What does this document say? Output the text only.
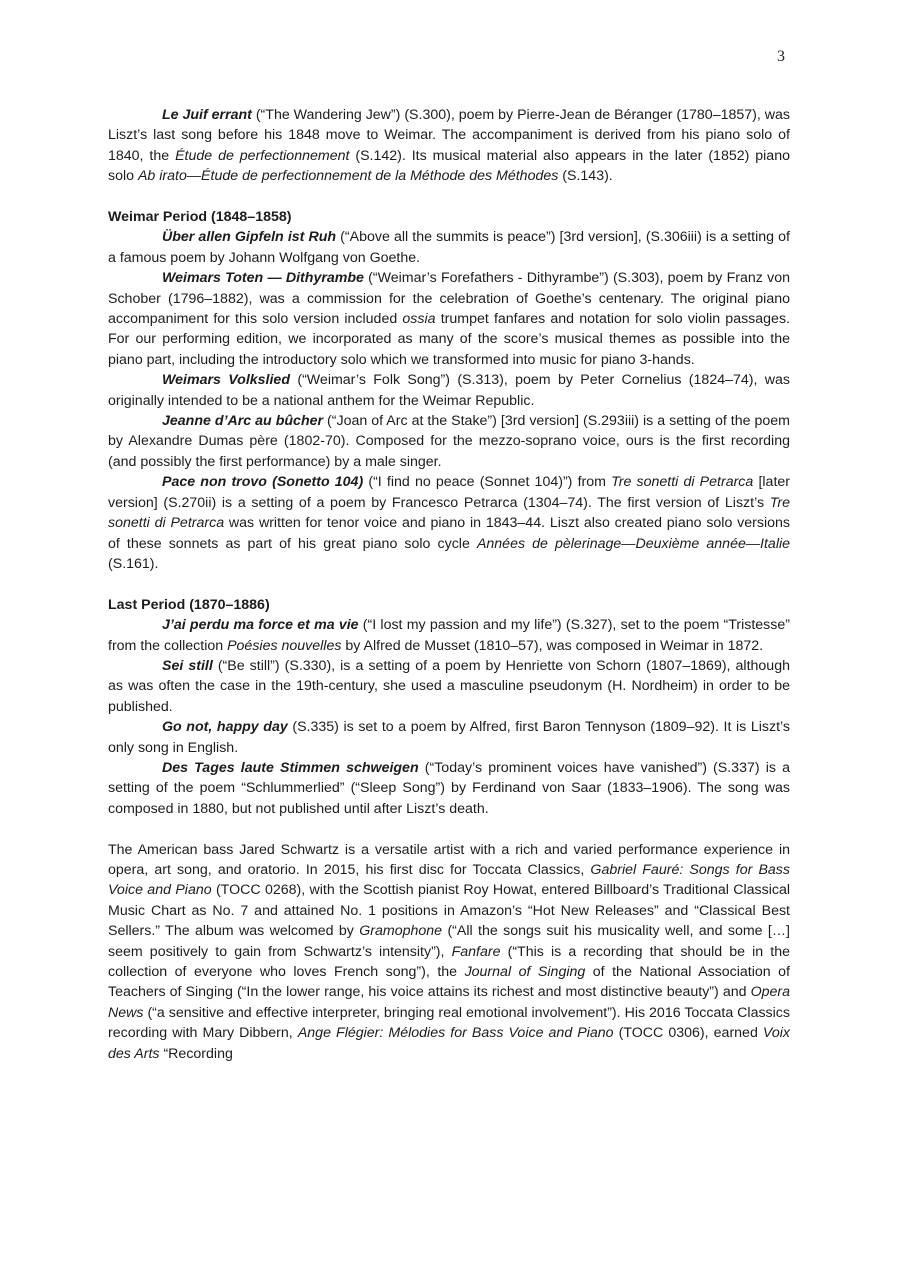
3

Le Juif errant (“The Wandering Jew”) (S.300), poem by Pierre-Jean de Béranger (1780–1857), was Liszt’s last song before his 1848 move to Weimar. The accompaniment is derived from his piano solo of 1840, the Étude de perfectionnement (S.142). Its musical material also appears in the later (1852) piano solo Ab irato—Étude de perfectionnement de la Méthode des Méthodes (S.143).

Weimar Period (1848–1858)

Über allen Gipfeln ist Ruh (“Above all the summits is peace”) [3rd version], (S.306iii) is a setting of a famous poem by Johann Wolfgang von Goethe.

Weimars Toten — Dithyrambe (“Weimar’s Forefathers - Dithyrambe”) (S.303), poem by Franz von Schober (1796–1882), was a commission for the celebration of Goethe’s centenary. The original piano accompaniment for this solo version included ossia trumpet fanfares and notation for solo violin passages. For our performing edition, we incorporated as many of the score’s musical themes as possible into the piano part, including the introductory solo which we transformed into music for piano 3-hands.

Weimars Volkslied (“Weimar’s Folk Song”) (S.313), poem by Peter Cornelius (1824–74), was originally intended to be a national anthem for the Weimar Republic.

Jeanne d’Arc au bûcher (“Joan of Arc at the Stake”) [3rd version] (S.293iii) is a setting of the poem by Alexandre Dumas père (1802-70). Composed for the mezzo-soprano voice, ours is the first recording (and possibly the first performance) by a male singer.

Pace non trovo (Sonetto 104) (“I find no peace (Sonnet 104)”) from Tre sonetti di Petrarca [later version] (S.270ii) is a setting of a poem by Francesco Petrarca (1304–74). The first version of Liszt’s Tre sonetti di Petrarca was written for tenor voice and piano in 1843–44. Liszt also created piano solo versions of these sonnets as part of his great piano solo cycle Années de pèlerinage—Deuxième année—Italie (S.161).

Last Period (1870–1886)

J’ai perdu ma force et ma vie (“I lost my passion and my life”) (S.327), set to the poem “Tristesse” from the collection Poésies nouvelles by Alfred de Musset (1810–57), was composed in Weimar in 1872.

Sei still (“Be still”) (S.330), is a setting of a poem by Henriette von Schorn (1807–1869), although as was often the case in the 19th-century, she used a masculine pseudonym (H. Nordheim) in order to be published.

Go not, happy day (S.335) is set to a poem by Alfred, first Baron Tennyson (1809–92). It is Liszt’s only song in English.

Des Tages laute Stimmen schweigen (“Today’s prominent voices have vanished”) (S.337) is a setting of the poem “Schlummerlied” (“Sleep Song”) by Ferdinand von Saar (1833–1906). The song was composed in 1880, but not published until after Liszt’s death.

The American bass Jared Schwartz is a versatile artist with a rich and varied performance experience in opera, art song, and oratorio. In 2015, his first disc for Toccata Classics, Gabriel Fauré: Songs for Bass Voice and Piano (TOCC 0268), with the Scottish pianist Roy Howat, entered Billboard’s Traditional Classical Music Chart as No. 7 and attained No. 1 positions in Amazon’s “Hot New Releases” and “Classical Best Sellers.” The album was welcomed by Gramophone (“All the songs suit his musicality well, and some […] seem positively to gain from Schwartz’s intensity”), Fanfare (“This is a recording that should be in the collection of everyone who loves French song”), the Journal of Singing of the National Association of Teachers of Singing (“In the lower range, his voice attains its richest and most distinctive beauty”) and Opera News (“a sensitive and effective interpreter, bringing real emotional involvement”). His 2016 Toccata Classics recording with Mary Dibbern, Ange Flégier: Mélodies for Bass Voice and Piano (TOCC 0306), earned Voix des Arts “Recording
